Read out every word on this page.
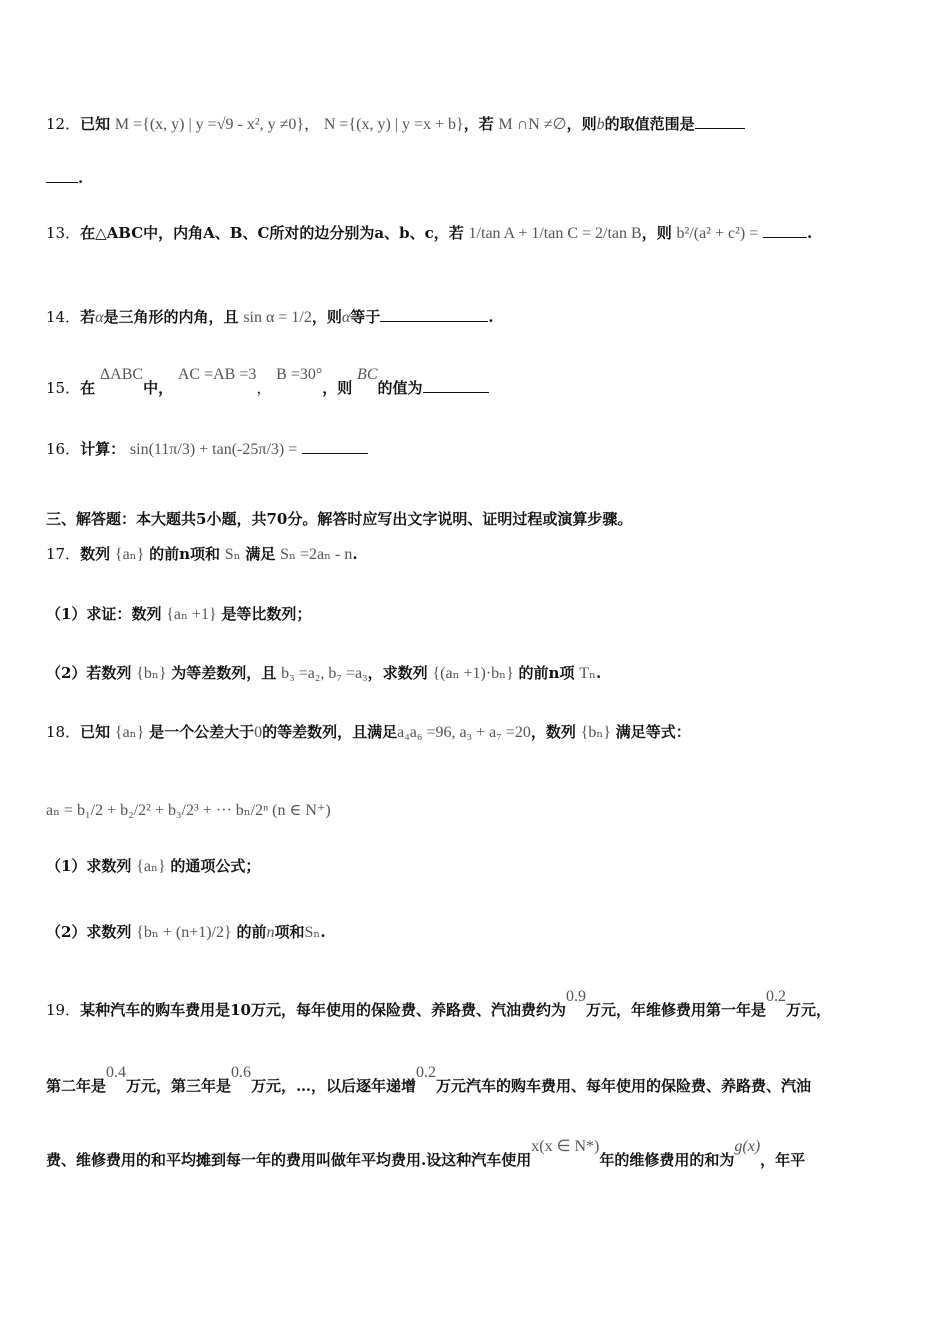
12．已知 M ={(x, y) | y =√9 - x², y ≠0}， N ={(x, y) | y =x + b}，若 M ∩N ≠∅，则b的取值范围是
.
13．在△ABC中，内角A、B、C所对的边分别为a、b、c，若 1/tan A + 1/tan C = 2/tan B，则 b²/(a² + c²) =	.
14．若α是三角形的内角，且 sin α = 1/2，则α等于	.
15．在 ΔABC中， AC =AB =3， B =30°，则 BC的值为
16．计算： sin(11π/3) + tan(-25π/3) =
三、解答题：本大题共5小题，共70分。解答时应写出文字说明、证明过程或演算步骤。
17．数列 {aₙ} 的前n项和 Sₙ 满足 Sₙ =2aₙ - n.
（1）求证：数列 {aₙ +1} 是等比数列；
（2）若数列 {bₙ} 为等差数列，且 b₃ =a₂, b₇ =a₃，求数列 {(aₙ +1)·bₙ} 的前n项 Tₙ.
18．已知 {aₙ} 是一个公差大于0的等差数列，且满足a₄a₆ =96, a₃ + a₇ =20，数列 {bₙ} 满足等式：
aₙ = b₁/2 + b₂/2² + b₃/2³ + ··· bₙ/2ⁿ (n ∈ N⁺)
（1）求数列 {aₙ} 的通项公式；
（2）求数列 {bₙ + (n+1)/2} 的前n项和Sₙ.
19．某种汽车的购车费用是10万元，每年使用的保险费、养路费、汽油费约为0.9万元，年维修费用第一年是0.2万元，
第二年是0.4万元，第三年是0.6万元，…，以后逐年递增0.2万元汽车的购车费用、每年使用的保险费、养路费、汽油
费、维修费用的和平均摊到每一年的费用叫做年平均费用.设这种汽车使用x(x ∈ N*)年的维修费用的和为g(x)，年平
